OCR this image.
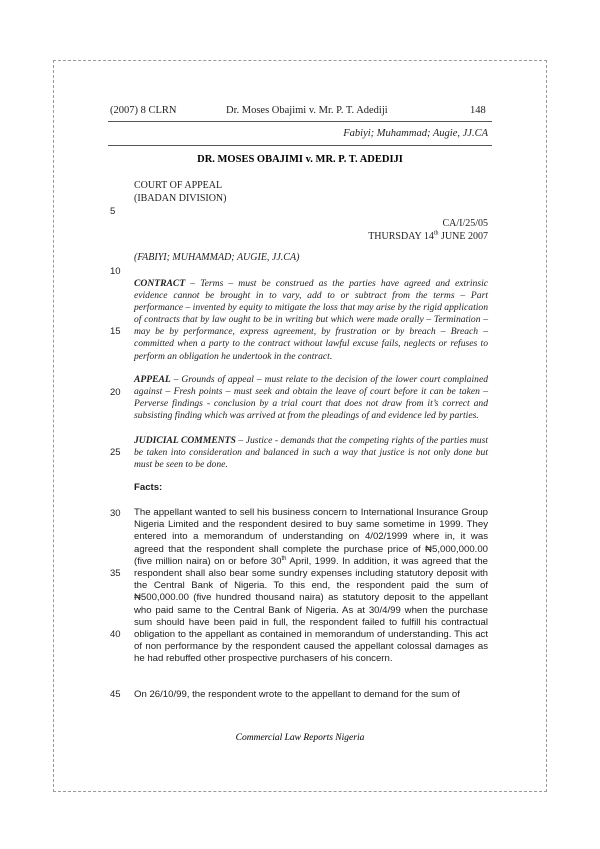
(2007) 8 CLRN	Dr. Moses Obajimi v. Mr. P. T. Adediji	148
Fabiyi; Muhammad; Augie, JJ.CA
DR. MOSES OBAJIMI v. MR. P. T. ADEDIJI
COURT OF APPEAL
(IBADAN DIVISION)
CA/I/25/05
THURSDAY 14th JUNE 2007
(FABIYI; MUHAMMAD; AUGIE, JJ.CA)
5
10
15
20
25
30
35
40
45
CONTRACT – Terms – must be construed as the parties have agreed and extrinsic evidence cannot be brought in to vary, add to or subtract from the terms – Part performance – invented by equity to mitigate the loss that may arise by the rigid application of contracts that by law ought to be in writing but which were made orally – Termination – may be by performance, express agreement, by frustration or by breach – Breach – committed when a party to the contract without lawful excuse fails, neglects or refuses to perform an obligation he undertook in the contract.
APPEAL – Grounds of appeal – must relate to the decision of the lower court complained against – Fresh points – must seek and obtain the leave of court before it can be taken – Perverse findings - conclusion by a trial court that does not draw from it’s correct and subsisting finding which was arrived at from the pleadings of and evidence led by parties.
JUDICIAL COMMENTS – Justice - demands that the competing rights of the parties must be taken into consideration and balanced in such a way that justice is not only done but must be seen to be done.
Facts:
The appellant wanted to sell his business concern to International Insurance Group Nigeria Limited and the respondent desired to buy same sometime in 1999. They entered into a memorandum of understanding on 4/02/1999 where in, it was agreed that the respondent shall complete the purchase price of ₦5,000,000.00 (five million naira) on or before 30th April, 1999. In addition, it was agreed that the respondent shall also bear some sundry expenses including statutory deposit with the Central Bank of Nigeria. To this end, the respondent paid the sum of ₦500,000.00 (five hundred thousand naira) as statutory deposit to the appellant who paid same to the Central Bank of Nigeria. As at 30/4/99 when the purchase sum should have been paid in full, the respondent failed to fulfill his contractual obligation to the appellant as contained in memorandum of understanding. This act of non performance by the respondent caused the appellant colossal damages as he had rebuffed other prospective purchasers of his concern.
On 26/10/99, the respondent wrote to the appellant to demand for the sum of
Commercial Law Reports Nigeria
